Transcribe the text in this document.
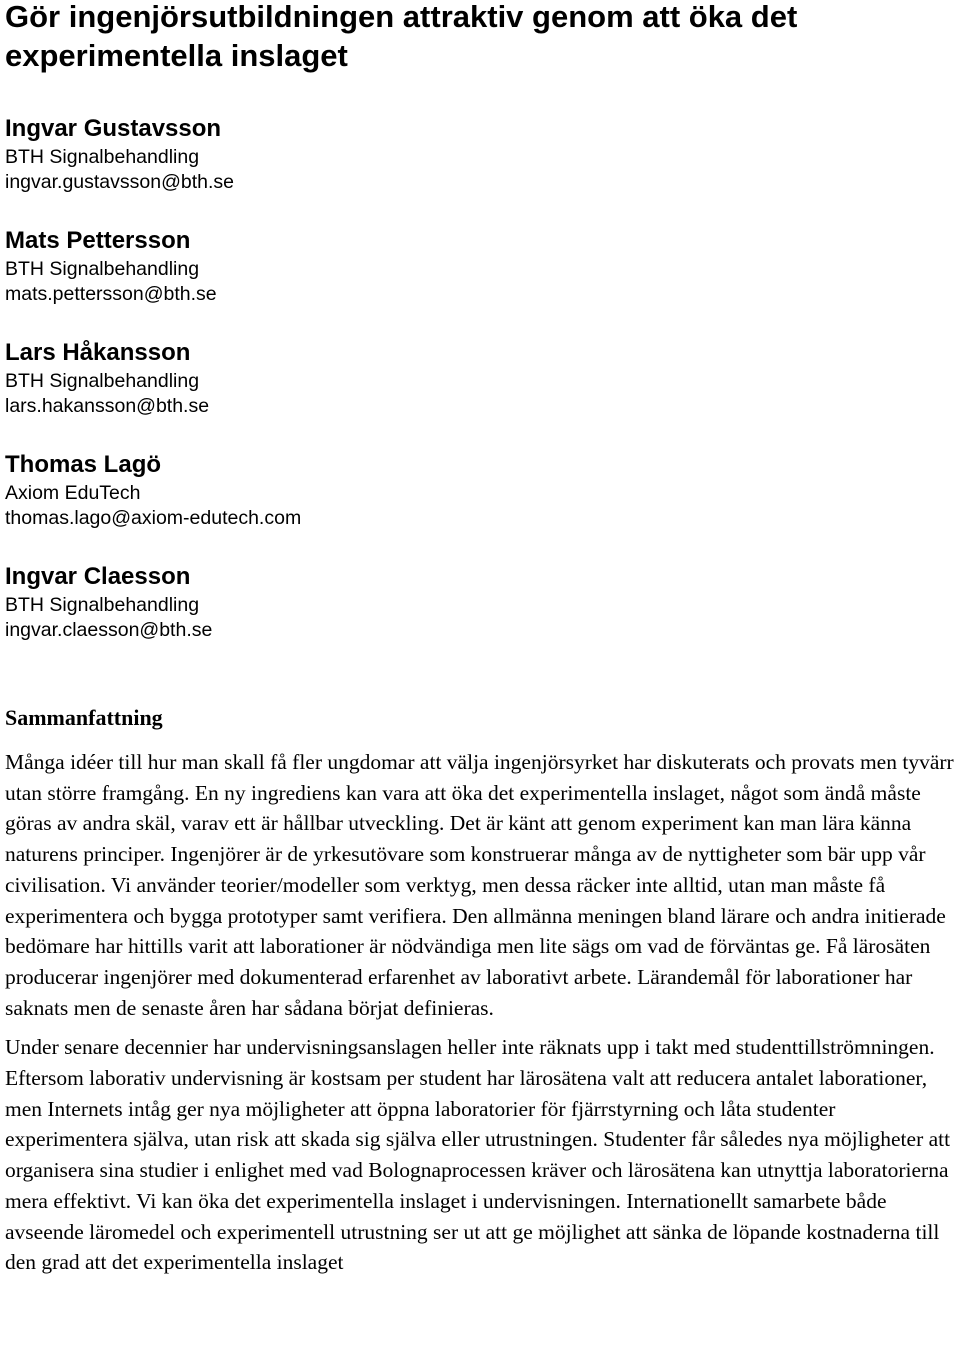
Gör ingenjörsutbildningen attraktiv genom att öka det experimentella inslaget
Ingvar Gustavsson
BTH Signalbehandling
ingvar.gustavsson@bth.se
Mats Pettersson
BTH Signalbehandling
mats.pettersson@bth.se
Lars Håkansson
BTH Signalbehandling
lars.hakansson@bth.se
Thomas Lagö
Axiom EduTech
thomas.lago@axiom-edutech.com
Ingvar Claesson
BTH Signalbehandling
ingvar.claesson@bth.se
Sammanfattning

Många idéer till hur man skall få fler ungdomar att välja ingenjörsyrket har diskuterats och provats men tyvärr utan större framgång. En ny ingrediens kan vara att öka det experimentella inslaget, något som ändå måste göras av andra skäl, varav ett är hållbar utveckling. Det är känt att genom experiment kan man lära känna naturens principer. Ingenjörer är de yrkesutövare som konstruerar många av de nyttigheter som bär upp vår civilisation. Vi använder teorier/modeller som verktyg, men dessa räcker inte alltid, utan man måste få experimentera och bygga prototyper samt verifiera. Den allmänna meningen bland lärare och andra initierade bedömare har hittills varit att laborationer är nödvändiga men lite sägs om vad de förväntas ge. Få lärosäten producerar ingenjörer med dokumenterad erfarenhet av laborativt arbete. Lärandemål för laborationer har saknats men de senaste åren har sådana börjat definieras.

Under senare decennier har undervisningsanslagen heller inte räknats upp i takt med studenttillströmningen. Eftersom laborativ undervisning är kostsam per student har lärosätena valt att reducera antalet laborationer, men Internets intåg ger nya möjligheter att öppna laboratorier för fjärrstyrning och låta studenter experimentera själva, utan risk att skada sig själva eller utrustningen. Studenter får således nya möjligheter att organisera sina studier i enlighet med vad Bolognaprocessen kräver och lärosätena kan utnyttja laboratorierna mera effektivt. Vi kan öka det experimentella inslaget i undervisningen. Internationellt samarbete både avseende läromedel och experimentell utrustning ser ut att ge möjlighet att sänka de löpande kostnaderna till den grad att det experimentella inslaget
